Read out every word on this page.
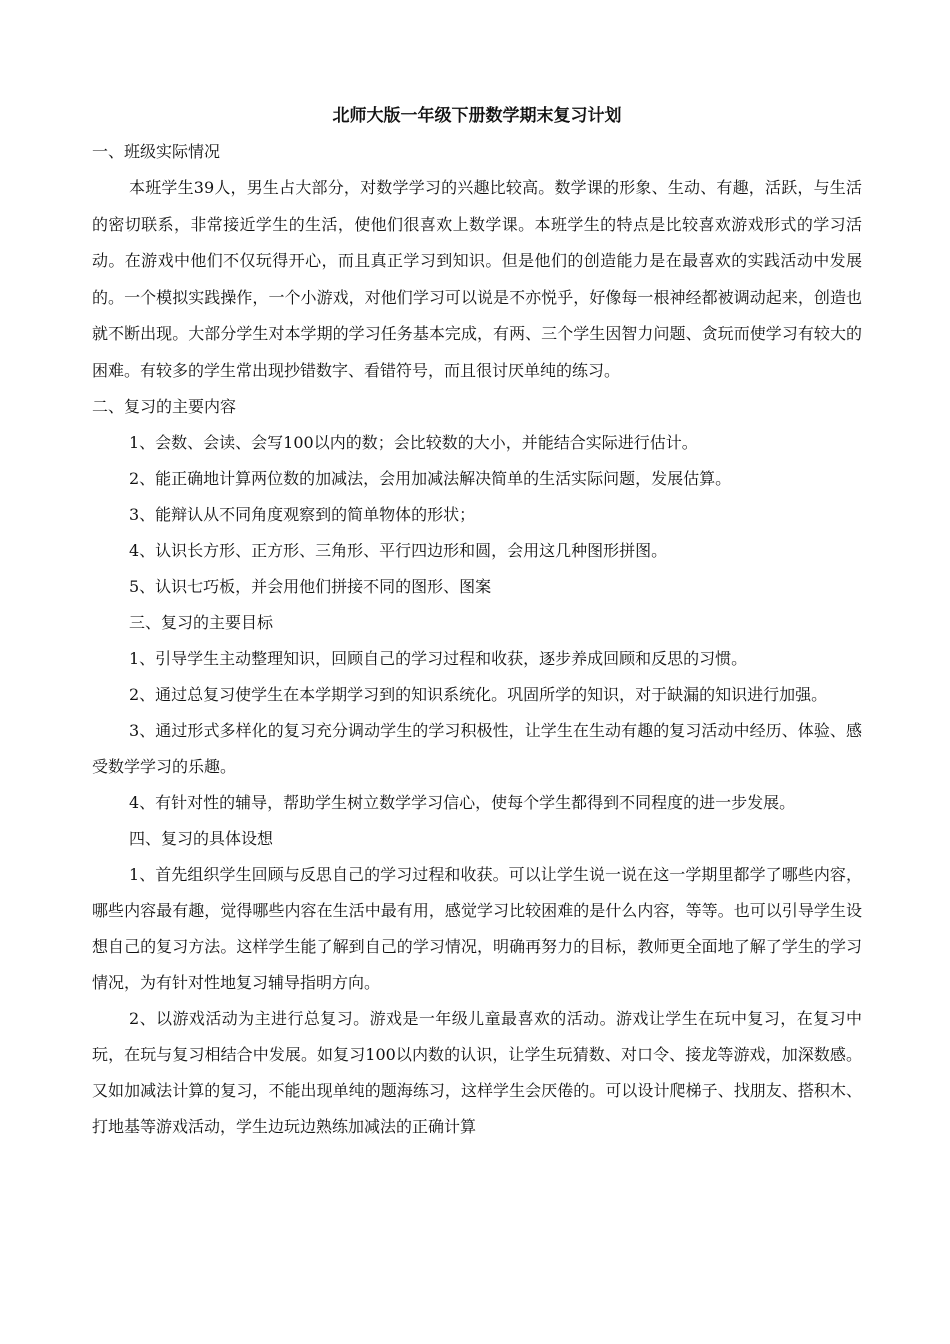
北师大版一年级下册数学期末复习计划

一、班级实际情况

本班学生39人，男生占大部分，对数学学习的兴趣比较高。数学课的形象、生动、有趣，活跃，与生活的密切联系，非常接近学生的生活，使他们很喜欢上数学课。本班学生的特点是比较喜欢游戏形式的学习活动。在游戏中他们不仅玩得开心，而且真正学习到知识。但是他们的创造能力是在最喜欢的实践活动中发展的。一个模拟实践操作，一个小游戏，对他们学习可以说是不亦悦乎，好像每一根神经都被调动起来，创造也就不断出现。大部分学生对本学期的学习任务基本完成，有两、三个学生因智力问题、贪玩而使学习有较大的困难。有较多的学生常出现抄错数字、看错符号，而且很讨厌单纯的练习。

二、复习的主要内容

1、会数、会读、会写100以内的数；会比较数的大小，并能结合实际进行估计。

2、能正确地计算两位数的加减法，会用加减法解决简单的生活实际问题，发展估算。

3、能辩认从不同角度观察到的简单物体的形状；

4、认识长方形、正方形、三角形、平行四边形和圆，会用这几种图形拼图。

5、认识七巧板，并会用他们拼接不同的图形、图案

三、复习的主要目标

1、引导学生主动整理知识，回顾自己的学习过程和收获，逐步养成回顾和反思的习惯。

2、通过总复习使学生在本学期学习到的知识系统化。巩固所学的知识，对于缺漏的知识进行加强。

3、通过形式多样化的复习充分调动学生的学习积极性，让学生在生动有趣的复习活动中经历、体验、感受数学学习的乐趣。

4、有针对性的辅导，帮助学生树立数学学习信心，使每个学生都得到不同程度的进一步发展。

四、复习的具体设想

1、首先组织学生回顾与反思自己的学习过程和收获。可以让学生说一说在这一学期里都学了哪些内容，哪些内容最有趣，觉得哪些内容在生活中最有用，感觉学习比较困难的是什么内容，等等。也可以引导学生设想自己的复习方法。这样学生能了解到自己的学习情况，明确再努力的目标，教师更全面地了解了学生的学习情况，为有针对性地复习辅导指明方向。

2、以游戏活动为主进行总复习。游戏是一年级儿童最喜欢的活动。游戏让学生在玩中复习，在复习中玩，在玩与复习相结合中发展。如复习100以内数的认识，让学生玩猜数、对口令、接龙等游戏，加深数感。又如加减法计算的复习，不能出现单纯的题海练习，这样学生会厌倦的。可以设计爬梯子、找朋友、搭积木、打地基等游戏活动，学生边玩边熟练加减法的正确计算
